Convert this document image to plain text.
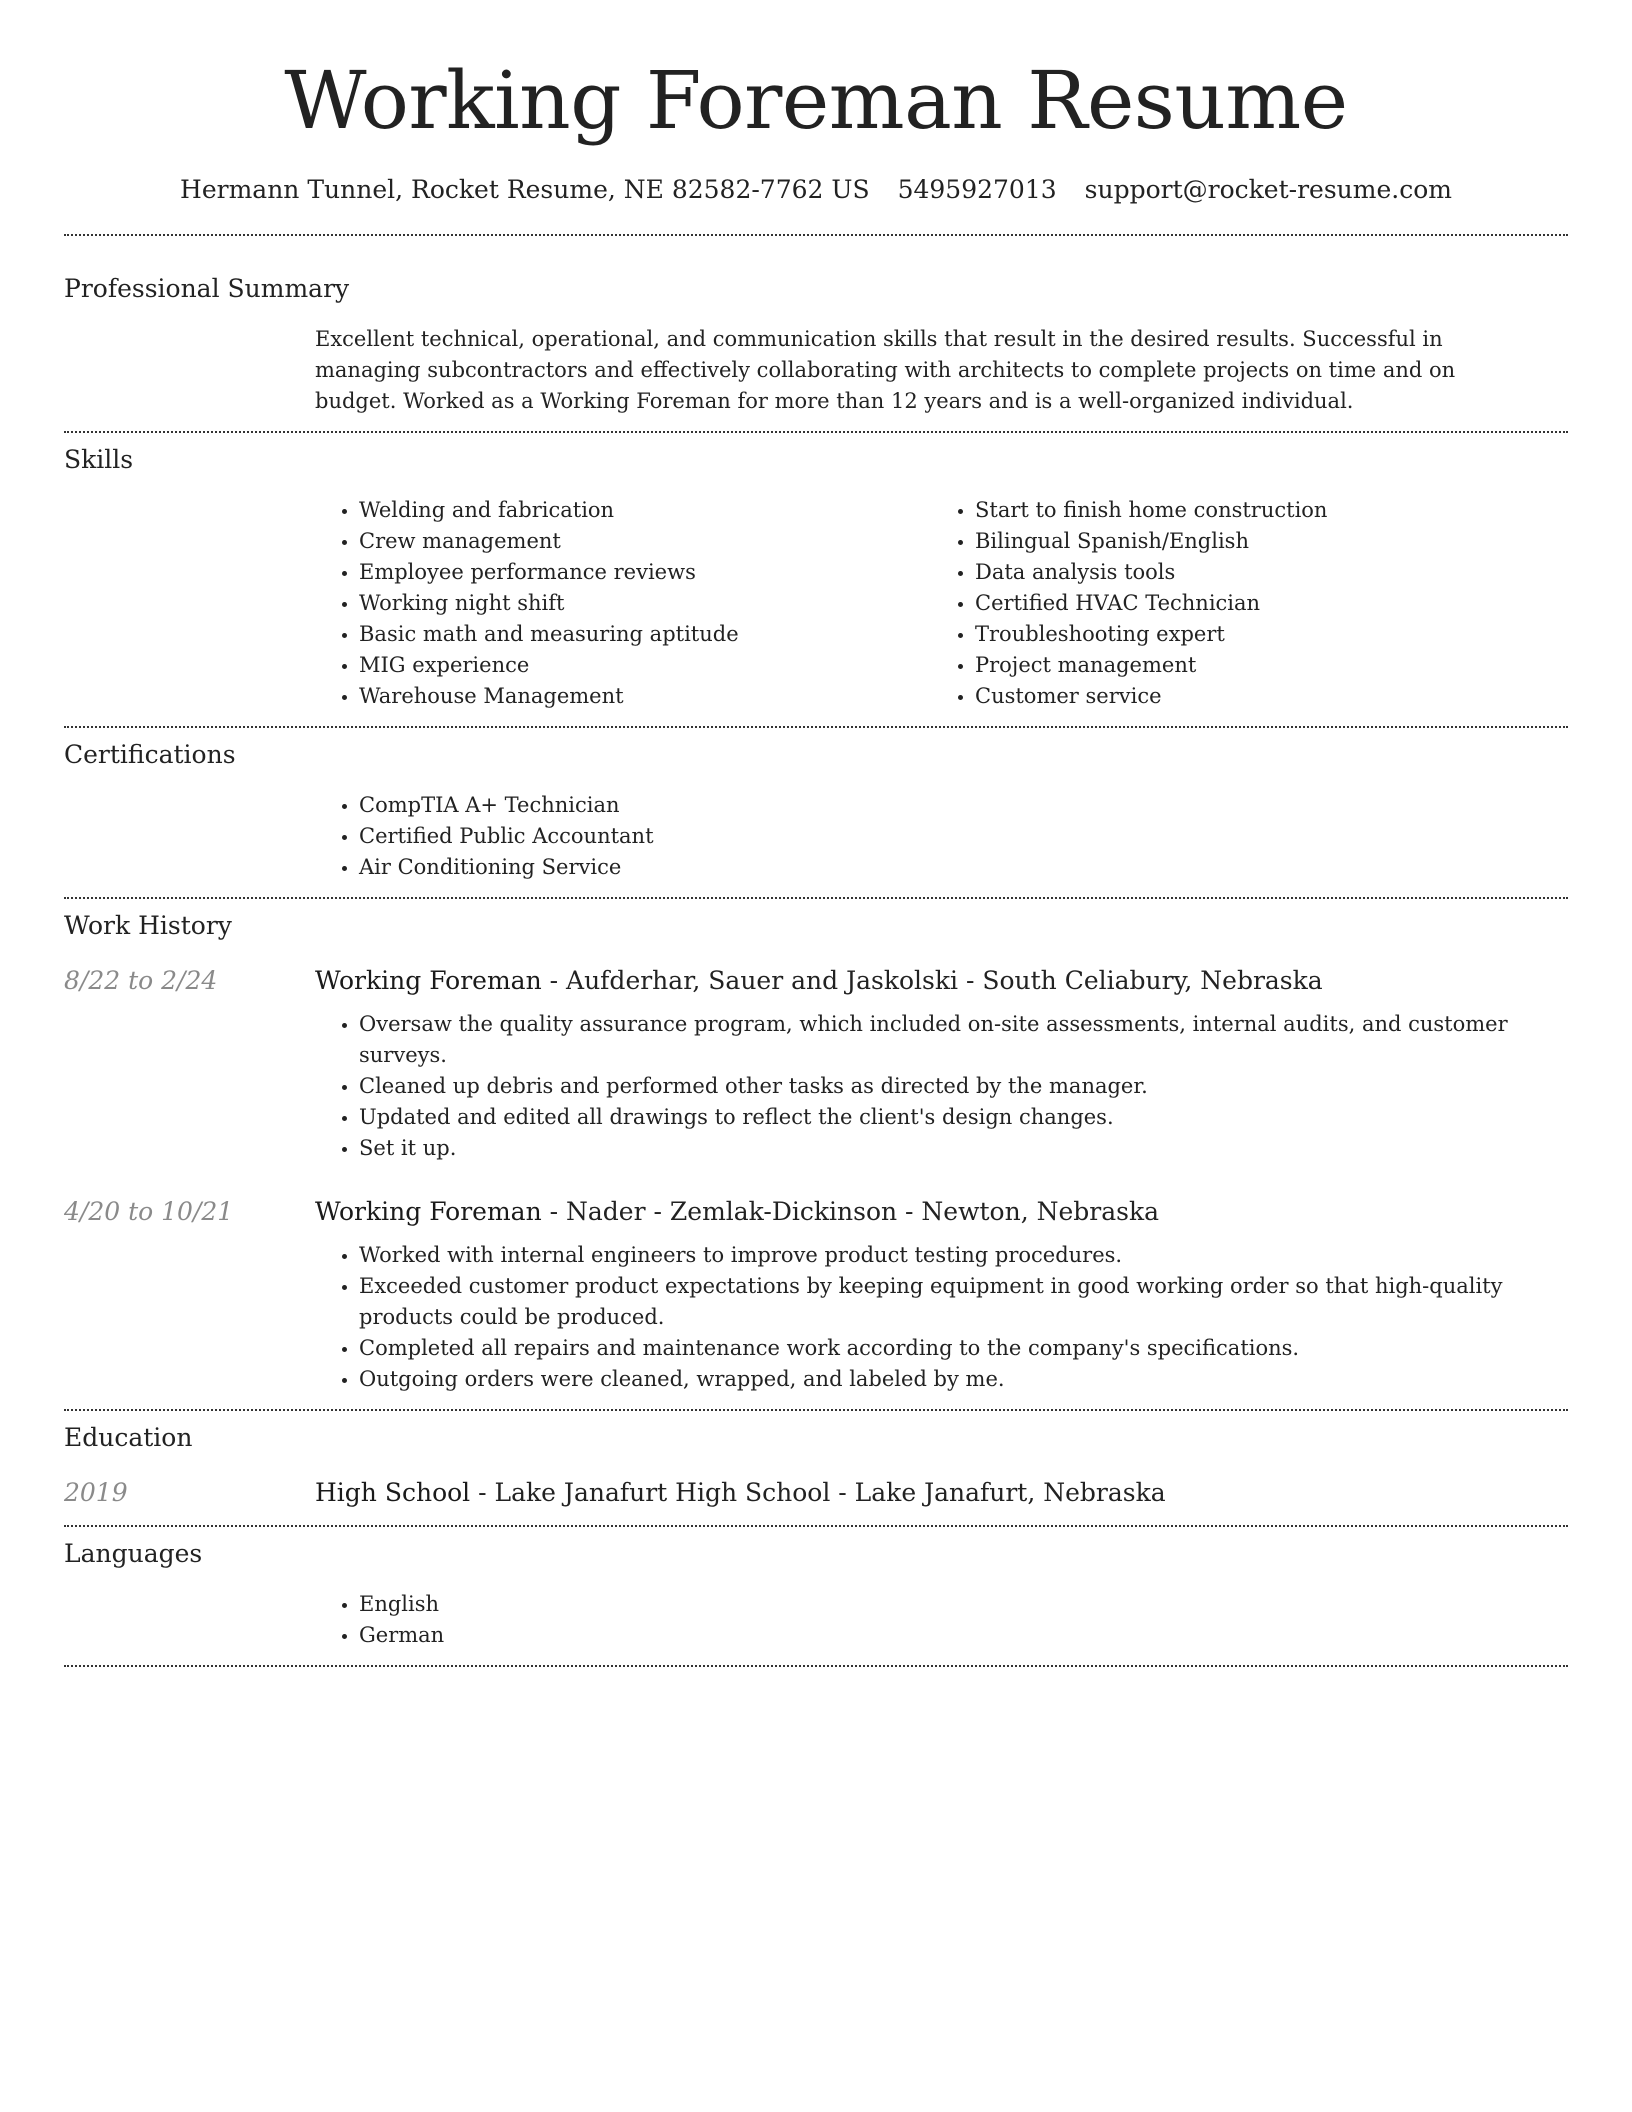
Working Foreman Resume
Hermann Tunnel, Rocket Resume, NE 82582-7762 US 5495927013 support@rocket-resume.com
Professional Summary
Excellent technical, operational, and communication skills that result in the desired results. Successful in managing subcontractors and effectively collaborating with architects to complete projects on time and on budget. Worked as a Working Foreman for more than 12 years and is a well-organized individual.
Skills
• Welding and fabrication
• Crew management
• Employee performance reviews
• Working night shift
• Basic math and measuring aptitude
• MIG experience
• Warehouse Management
• Start to finish home construction
• Bilingual Spanish/English
• Data analysis tools
• Certified HVAC Technician
• Troubleshooting expert
• Project management
• Customer service
Certifications
• CompTIA A+ Technician
• Certified Public Accountant
• Air Conditioning Service
Work History
8/22 to 2/24	Working Foreman - Aufderhar, Sauer and Jaskolski - South Celiabury, Nebraska
• Oversaw the quality assurance program, which included on-site assessments, internal audits, and customer surveys.
• Cleaned up debris and performed other tasks as directed by the manager.
• Updated and edited all drawings to reflect the client's design changes.
• Set it up.
4/20 to 10/21	Working Foreman - Nader - Zemlak-Dickinson - Newton, Nebraska
• Worked with internal engineers to improve product testing procedures.
• Exceeded customer product expectations by keeping equipment in good working order so that high-quality products could be produced.
• Completed all repairs and maintenance work according to the company's specifications.
• Outgoing orders were cleaned, wrapped, and labeled by me.
Education
2019	High School - Lake Janafurt High School - Lake Janafurt, Nebraska
Languages
• English
• German
